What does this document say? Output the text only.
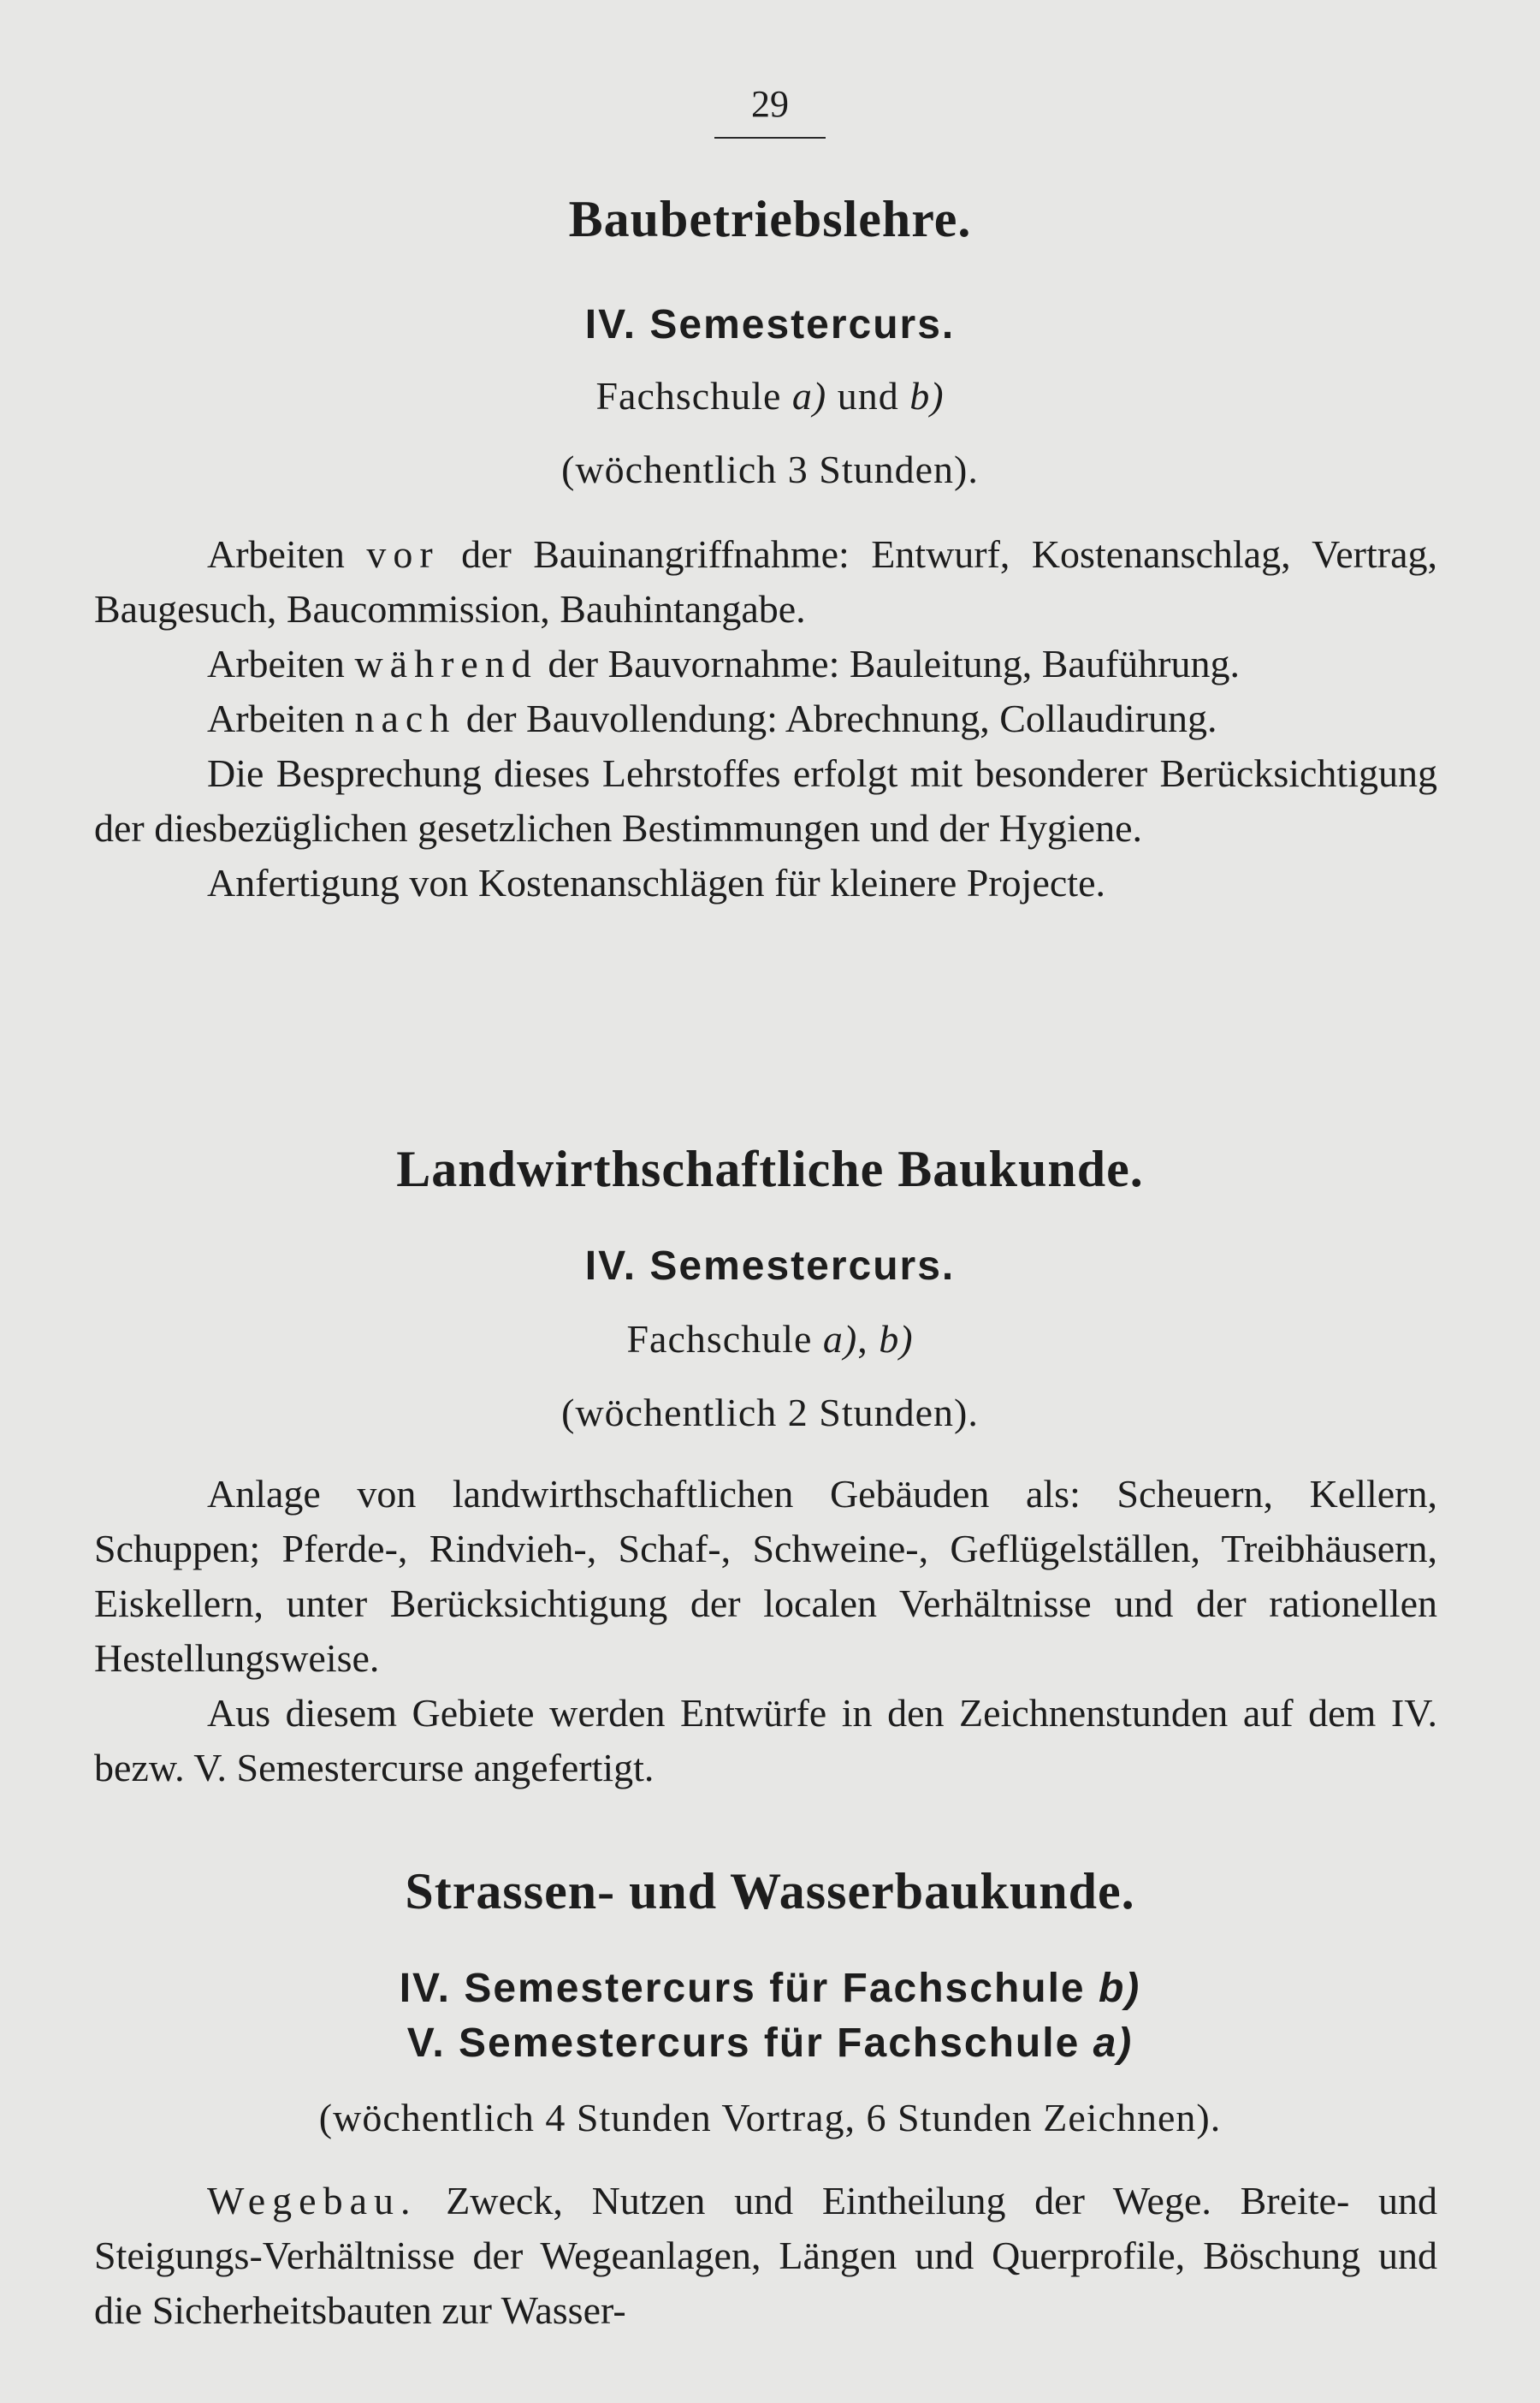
29
Baubetriebslehre.
IV. Semestercurs.
Fachschule a) und b)
(wöchentlich 3 Stunden).

Arbeiten vor der Bauinangriffnahme: Entwurf, Kostenanschlag, Vertrag, Baugesuch, Baucommission, Bauhintangabe.

Arbeiten während der Bauvornahme: Bauleitung, Bauführung.

Arbeiten nach der Bauvollendung: Abrechnung, Collaudirung.

Die Besprechung dieses Lehrstoffes erfolgt mit besonderer Berücksichtigung der diesbezüglichen gesetzlichen Bestimmungen und der Hygiene.

Anfertigung von Kostenanschlägen für kleinere Projecte.

Landwirthschaftliche Baukunde.
IV. Semestercurs.
Fachschule a), b)
(wöchentlich 2 Stunden).

Anlage von landwirthschaftlichen Gebäuden als: Scheuern, Kellern, Schuppen; Pferde-, Rindvieh-, Schaf-, Schweine-, Geflügelställen, Treibhäusern, Eiskellern, unter Berücksichtigung der localen Verhältnisse und der rationellen Hestellungsweise.

Aus diesem Gebiete werden Entwürfe in den Zeichnenstunden auf dem IV. bezw. V. Semestercurse angefertigt.

Strassen- und Wasserbaukunde.
IV. Semestercurs für Fachschule b)
V. Semestercurs für Fachschule a)
(wöchentlich 4 Stunden Vortrag, 6 Stunden Zeichnen).

Wegebau. Zweck, Nutzen und Eintheilung der Wege. Breite- und Steigungs-Verhältnisse der Wegeanlagen, Längen und Querprofile, Böschung und die Sicherheitsbauten zur Wasser-
